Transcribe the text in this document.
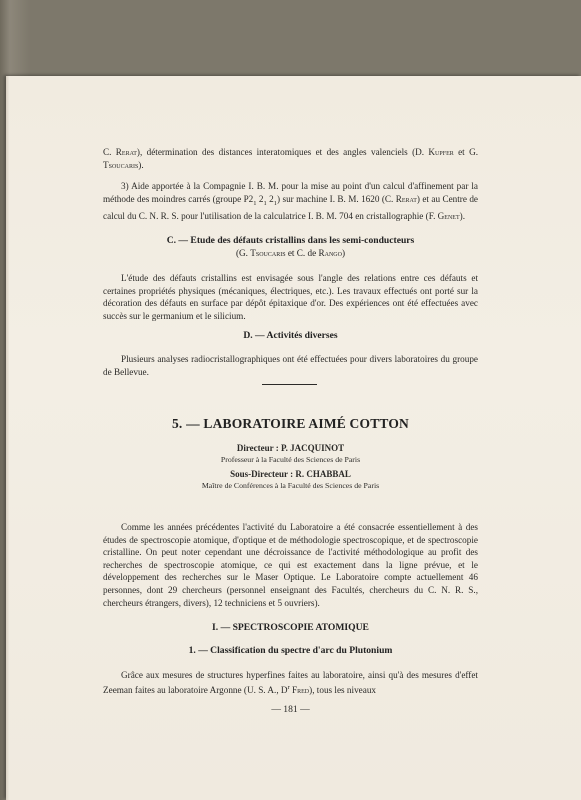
C. Rerat), détermination des distances interatomiques et des angles valenciels (D. Kupfer et G. Tsoucaris).
3) Aide apportée à la Compagnie I. B. M. pour la mise au point d'un calcul d'affinement par la méthode des moindres carrés (groupe $P2_1$ $2_1$ $2_1$) sur machine I. B. M. 1620 (C. Rerat) et au Centre de calcul du C. N. R. S. pour l'utilisation de la calculatrice I. B. M. 704 en cristallographie (F. Genet).
C. — Etude des défauts cristallins dans les semi-conducteurs
(G. Tsoucaris et C. de Rango)
L'étude des défauts cristallins est envisagée sous l'angle des relations entre ces défauts et certaines propriétés physiques (mécaniques, électriques, etc.). Les travaux effectués ont porté sur la décoration des défauts en surface par dépôt épitaxique d'or. Des expériences ont été effectuées avec succès sur le germanium et le silicium.
D. — Activités diverses
Plusieurs analyses radiocristallographiques ont été effectuées pour divers laboratoires du groupe de Bellevue.
5. — LABORATOIRE AIMÉ COTTON
Directeur : P. JACQUINOT
Professeur à la Faculté des Sciences de Paris
Sous-Directeur : R. CHABBAL
Maître de Conférences à la Faculté des Sciences de Paris
Comme les années précédentes l'activité du Laboratoire a été consacrée essentiellement à des études de spectroscopie atomique, d'optique et de méthodologie spectroscopique, et de spectroscopie cristalline. On peut noter cependant une décroissance de l'activité méthodologique au profit des recherches de spectroscopie atomique, ce qui est exactement dans la ligne prévue, et le développement des recherches sur le Maser Optique. Le Laboratoire compte actuellement 46 personnes, dont 29 chercheurs (personnel enseignant des Facultés, chercheurs du C. N. R. S., chercheurs étrangers, divers), 12 techniciens et 5 ouvriers).
I. — SPECTROSCOPIE ATOMIQUE
1. — Classification du spectre d'arc du Plutonium
Grâce aux mesures de structures hyperfines faites au laboratoire, ainsi qu'à des mesures d'effet Zeeman faites au laboratoire Argonne (U. S. A., $D^r$ Fred), tous les niveaux
— 181 —
